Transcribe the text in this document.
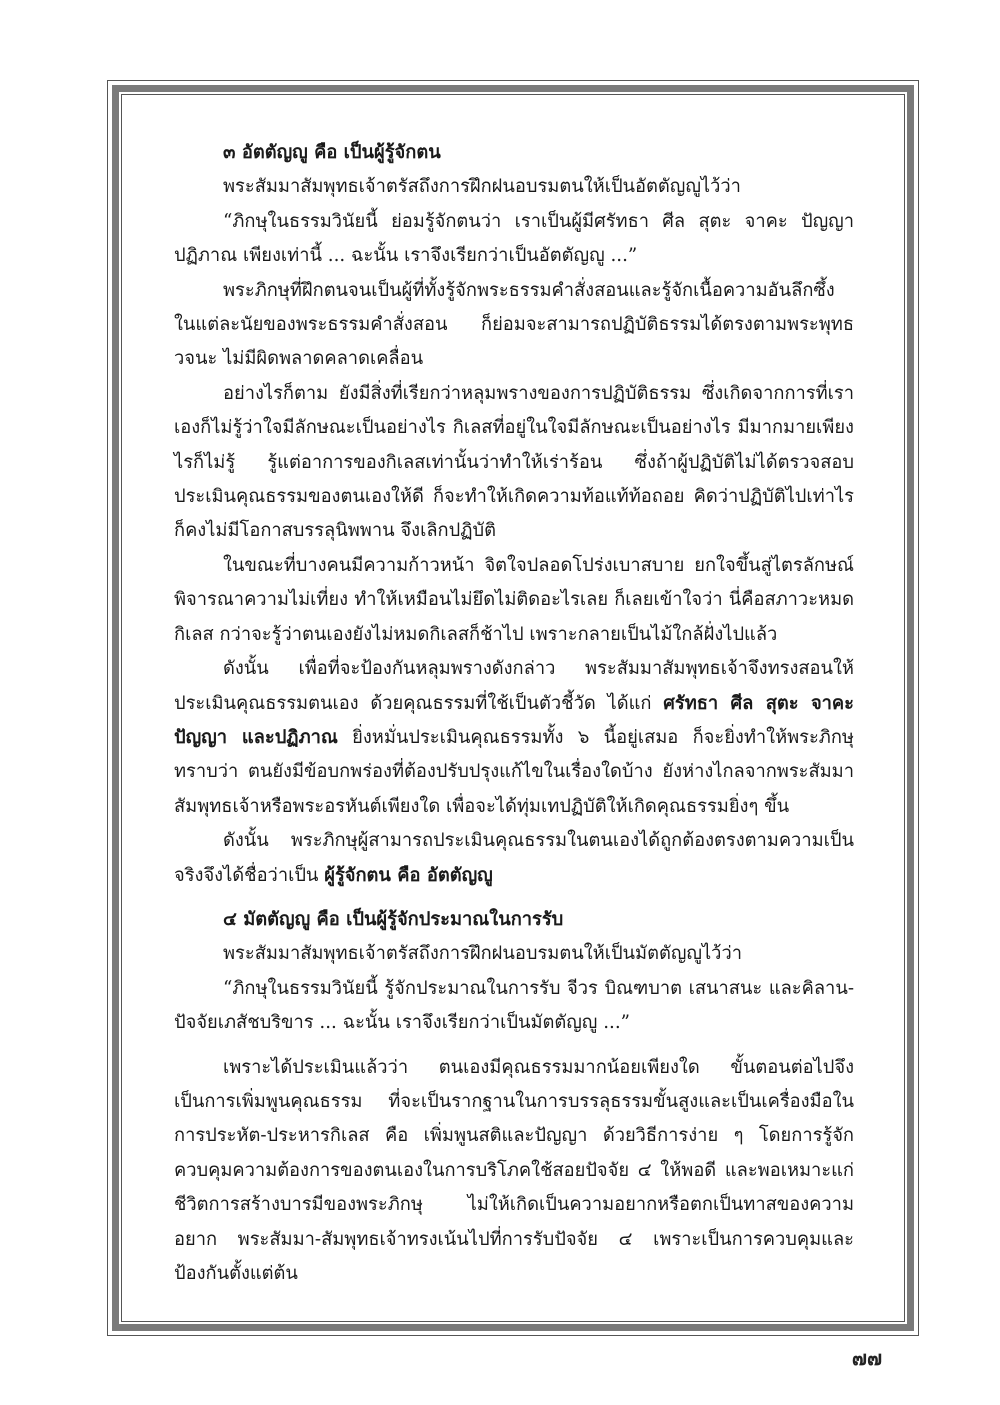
๓ อัตตัญญู คือ เป็นผู้รู้จักตน

พระสัมมาสัมพุทธเจ้าตรัสถึงการฝึกฝนอบรมตนให้เป็นอัตตัญญูไว้ว่า

“ภิกษุในธรรมวินัยนี้ ย่อมรู้จักตนว่า เราเป็นผู้มีศรัทธา ศีล สุตะ จาคะ ปัญญา ปฏิภาณ เพียงเท่านี้ ... ฉะนั้น เราจึงเรียกว่าเป็นอัตตัญญู ...”

พระภิกษุที่ฝึกตนจนเป็นผู้ที่ทั้งรู้จักพระธรรมคำสั่งสอนและรู้จักเนื้อความอันลึกซึ้งในแต่ละนัยของพระธรรมคำสั่งสอน ก็ย่อมจะสามารถปฏิบัติธรรมได้ตรงตามพระพุทธวจนะ ไม่มีผิดพลาดคลาดเคลื่อน

อย่างไรก็ตาม ยังมีสิ่งที่เรียกว่าหลุมพรางของการปฏิบัติธรรม ซึ่งเกิดจากการที่เราเองก็ไม่รู้ว่าใจมีลักษณะเป็นอย่างไร กิเลสที่อยู่ในใจมีลักษณะเป็นอย่างไร มีมากมายเพียงไรก็ไม่รู้ รู้แต่อาการของกิเลสเท่านั้นว่าทำให้เร่าร้อน ซึ่งถ้าผู้ปฏิบัติไม่ได้ตรวจสอบประเมินคุณธรรมของตนเองให้ดี ก็จะทำให้เกิดความท้อแท้ท้อถอย คิดว่าปฏิบัติไปเท่าไรก็คงไม่มีโอกาสบรรลุนิพพาน จึงเลิกปฏิบัติ

ในขณะที่บางคนมีความก้าวหน้า จิตใจปลอดโปร่งเบาสบาย ยกใจขึ้นสู่ไตรลักษณ์ พิจารณาความไม่เที่ยง ทำให้เหมือนไม่ยึดไม่ติดอะไรเลย ก็เลยเข้าใจว่า นี่คือสภาวะหมดกิเลส กว่าจะรู้ว่าตนเองยังไม่หมดกิเลสก็ช้าไป เพราะกลายเป็นไม้ใกล้ฝั่งไปแล้ว

ดังนั้น เพื่อที่จะป้องกันหลุมพรางดังกล่าว พระสัมมาสัมพุทธเจ้าจึงทรงสอนให้ประเมินคุณธรรมตนเอง ด้วยคุณธรรมที่ใช้เป็นตัวชี้วัด ได้แก่ ศรัทธา ศีล สุตะ จาคะ ปัญญา และปฏิภาณ ยิ่งหมั่นประเมินคุณธรรมทั้ง ๖ นี้อยู่เสมอ ก็จะยิ่งทำให้พระภิกษุทราบว่า ตนยังมีข้อบกพร่องที่ต้องปรับปรุงแก้ไขในเรื่องใดบ้าง ยังห่างไกลจากพระสัมมาสัมพุทธเจ้าหรือพระอรหันต์เพียงใด เพื่อจะได้ทุ่มเทปฏิบัติให้เกิดคุณธรรมยิ่งๆ ขึ้น

ดังนั้น พระภิกษุผู้สามารถประเมินคุณธรรมในตนเองได้ถูกต้องตรงตามความเป็นจริงจึงได้ชื่อว่าเป็น ผู้รู้จักตน คือ อัตตัญญู

๔ มัตตัญญู คือ เป็นผู้รู้จักประมาณในการรับ

พระสัมมาสัมพุทธเจ้าตรัสถึงการฝึกฝนอบรมตนให้เป็นมัตตัญญูไว้ว่า

“ภิกษุในธรรมวินัยนี้ รู้จักประมาณในการรับ จีวร บิณฑบาต เสนาสนะ และคิลาน-ปัจจัยเภสัชบริขาร ... ฉะนั้น เราจึงเรียกว่าเป็นมัตตัญญู ...”

เพราะได้ประเมินแล้วว่า ตนเองมีคุณธรรมมากน้อยเพียงใด ขั้นตอนต่อไปจึงเป็นการเพิ่มพูนคุณธรรม ที่จะเป็นรากฐานในการบรรลุธรรมขั้นสูงและเป็นเครื่องมือในการประหัต-ประหารกิเลส คือ เพิ่มพูนสติและปัญญา ด้วยวิธีการง่าย ๆ โดยการรู้จักควบคุมความต้องการของตนเองในการบริโภคใช้สอยปัจจัย ๔ ให้พอดี และพอเหมาะแก่ชีวิตการสร้างบารมีของพระภิกษุ ไม่ให้เกิดเป็นความอยากหรือตกเป็นทาสของความอยาก พระสัมมา-สัมพุทธเจ้าทรงเน้นไปที่การรับปัจจัย ๔ เพราะเป็นการควบคุมและป้องกันตั้งแต่ต้น

๗๗
